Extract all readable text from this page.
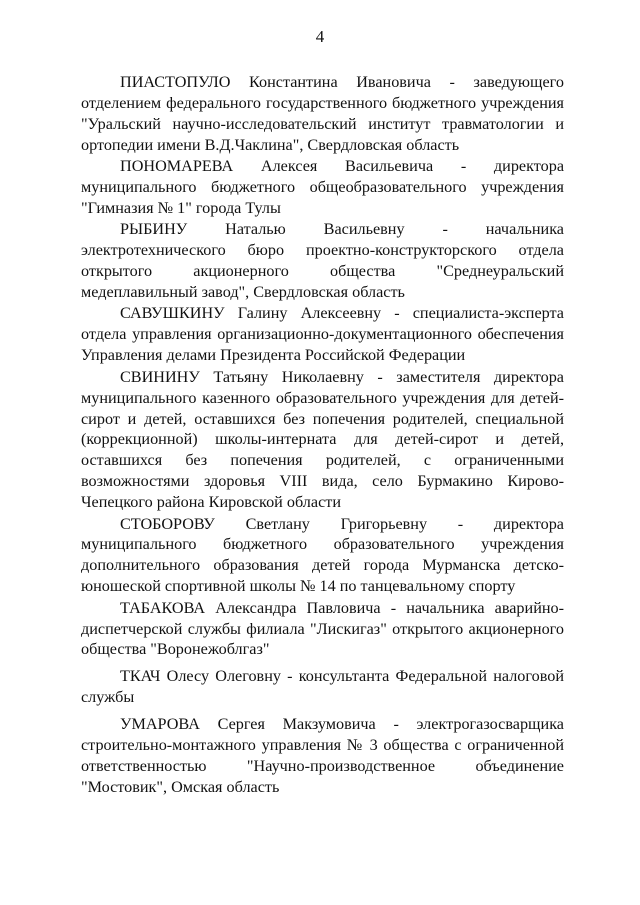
4

ПИАСТОПУЛО Константина Ивановича - заведующего отделением федерального государственного бюджетного учреждения "Уральский научно-исследовательский институт травматологии и ортопедии имени В.Д.Чаклина", Свердловская область

ПОНОМАРЕВА Алексея Васильевича - директора муниципального бюджетного общеобразовательного учреждения "Гимназия № 1" города Тулы

РЫБИНУ Наталью Васильевну - начальника электротехнического бюро проектно-конструкторского отдела открытого акционерного общества "Среднеуральский медеплавильный завод", Свердловская область

САВУШКИНУ Галину Алексеевну - специалиста-эксперта отдела управления организационно-документационного обеспечения Управления делами Президента Российской Федерации

СВИНИНУ Татьяну Николаевну - заместителя директора муниципального казенного образовательного учреждения для детей-сирот и детей, оставшихся без попечения родителей, специальной (коррекционной) школы-интерната для детей-сирот и детей, оставшихся без попечения родителей, с ограниченными возможностями здоровья VIII вида, село Бурмакино Кирово-Чепецкого района Кировской области

СТОБОРОВУ Светлану Григорьевну - директора муниципального бюджетного образовательного учреждения дополнительного образования детей города Мурманска детско-юношеской спортивной школы № 14 по танцевальному спорту

ТАБАКОВА Александра Павловича - начальника аварийно-диспетчерской службы филиала "Лискигаз" открытого акционерного общества "Воронежоблгаз"

ТКАЧ Олесу Олеговну - консультанта Федеральной налоговой службы

УМАРОВА Сергея Макзумовича - электрогазосварщика строительно-монтажного управления № 3 общества с ограниченной ответственностью "Научно-производственное объединение "Мостовик", Омская область
